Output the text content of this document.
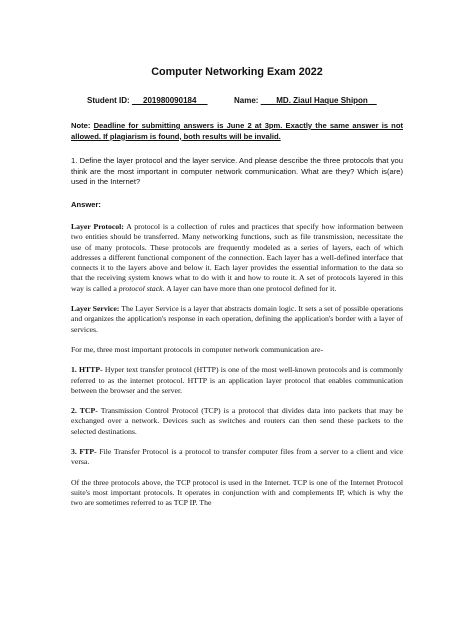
Computer Networking Exam 2022
Student ID: 201980090184	Name: MD. Ziaul Haque Shipon
Note: Deadline for submitting answers is June 2 at 3pm. Exactly the same answer is not allowed. If plagiarism is found, both results will be invalid.
1. Define the layer protocol and the layer service. And please describe the three protocols that you think are the most important in computer network communication. What are they? Which is(are) used in the Internet?
Answer:

Layer Protocol: A protocol is a collection of rules and practices that specify how information between two entities should be transferred. Many networking functions, such as file transmission, necessitate the use of many protocols. These protocols are frequently modeled as a series of layers, each of which addresses a different functional component of the connection. Each layer has a well-defined interface that connects it to the layers above and below it. Each layer provides the essential information to the data so that the receiving system knows what to do with it and how to route it. A set of protocols layered in this way is called a protocol stack. A layer can have more than one protocol defined for it.

Layer Service: The Layer Service is a layer that abstracts domain logic. It sets a set of possible operations and organizes the application's response in each operation, defining the application's border with a layer of services.

For me, three most important protocols in computer network communication are-

1. HTTP- Hyper text transfer protocol (HTTP) is one of the most well-known protocols and is commonly referred to as the internet protocol. HTTP is an application layer protocol that enables communication between the browser and the server.

2. TCP- Transmission Control Protocol (TCP) is a protocol that divides data into packets that may be exchanged over a network. Devices such as switches and routers can then send these packets to the selected destinations.

3. FTP- File Transfer Protocol is a protocol to transfer computer files from a server to a client and vice versa.

Of the three protocols above, the TCP protocol is used in the Internet. TCP is one of the Internet Protocol suite's most important protocols. It operates in conjunction with and complements IP, which is why the two are sometimes referred to as TCP IP. The
